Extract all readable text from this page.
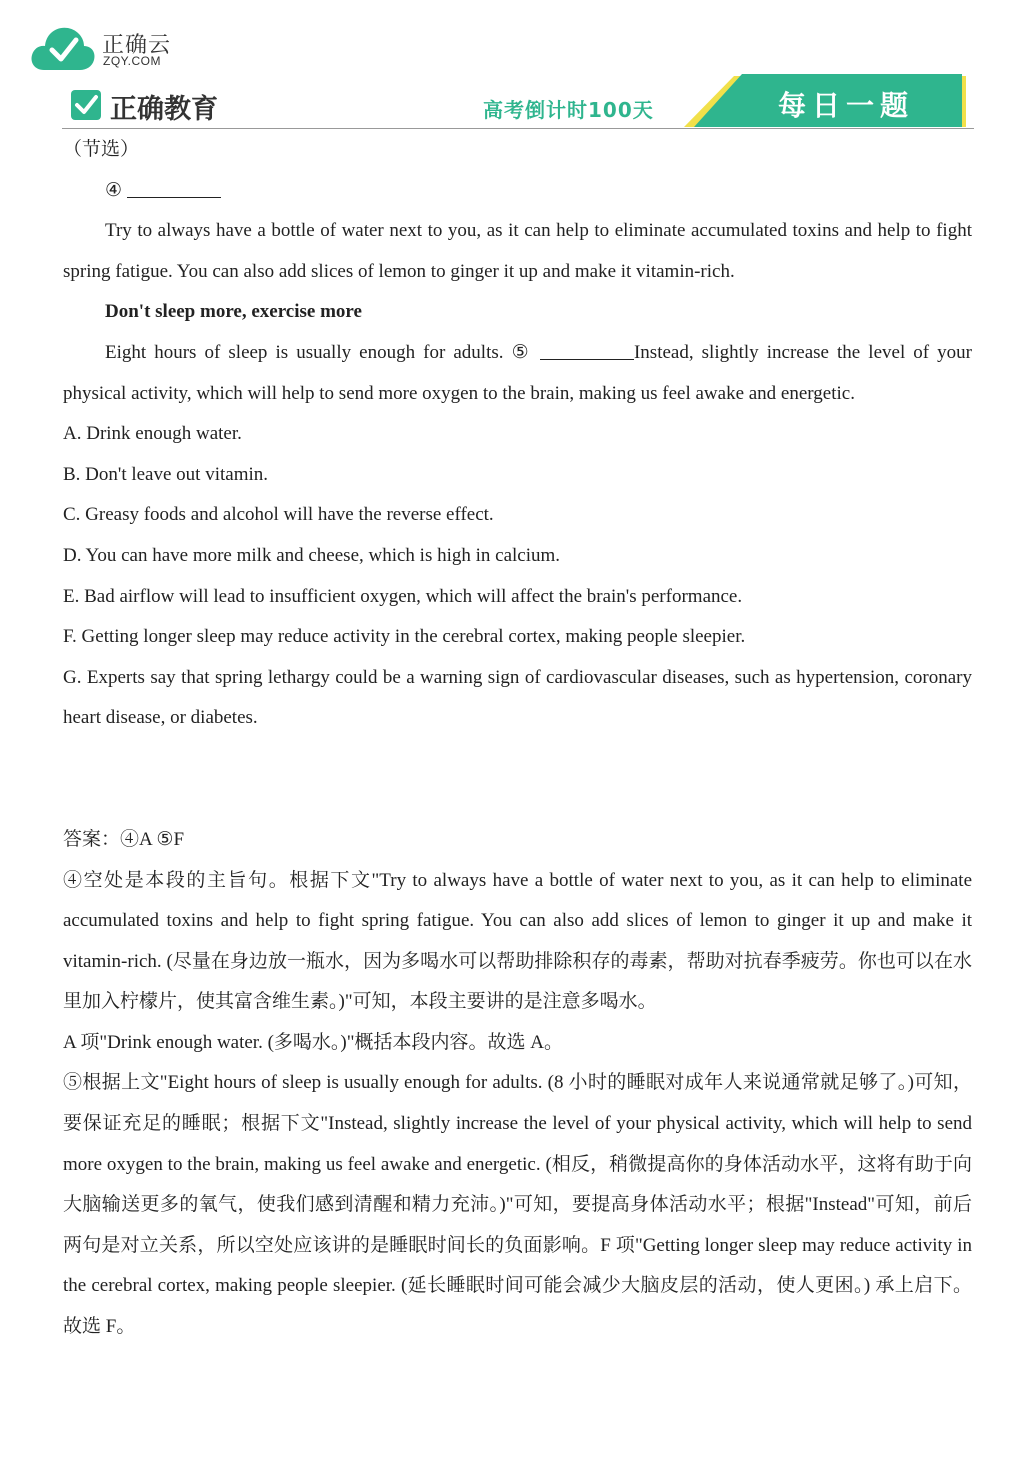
正确云
ZQY.COM
正确教育	高考倒计时100天	每日一题

（节选）

④

Try to always have a bottle of water next to you, as it can help to eliminate accumulated toxins and help to fight spring fatigue. You can also add slices of lemon to ginger it up and make it vitamin-rich.

Don't sleep more, exercise more

Eight hours of sleep is usually enough for adults. ⑤	Instead, slightly increase the level of your physical activity, which will help to send more oxygen to the brain, making us feel awake and energetic.

A. Drink enough water.

B. Don't leave out vitamin.

C. Greasy foods and alcohol will have the reverse effect.

D. You can have more milk and cheese, which is high in calcium.

E. Bad airflow will lead to insufficient oxygen, which will affect the brain's performance.

F. Getting longer sleep may reduce activity in the cerebral cortex, making people sleepier.

G. Experts say that spring lethargy could be a warning sign of cardiovascular diseases, such as hypertension, coronary heart disease, or diabetes.

答案：④A ⑤F

④空处是本段的主旨句。根据下文"Try to always have a bottle of water next to you, as it can help to eliminate accumulated toxins and help to fight spring fatigue. You can also add slices of lemon to ginger it up and make it vitamin-rich. (尽量在身边放一瓶水，因为多喝水可以帮助排除积存的毒素，帮助对抗春季疲劳。你也可以在水里加入柠檬片，使其富含维生素。)"可知，本段主要讲的是注意多喝水。

A 项"Drink enough water. (多喝水。)"概括本段内容。故选 A。

⑤根据上文"Eight hours of sleep is usually enough for adults. (8 小时的睡眠对成年人来说通常就足够了。)可知，要保证充足的睡眠；根据下文"Instead, slightly increase the level of your physical activity, which will help to send more oxygen to the brain, making us feel awake and energetic. (相反，稍微提高你的身体活动水平，这将有助于向大脑输送更多的氧气，使我们感到清醒和精力充沛。)"可知，要提高身体活动水平；根据"Instead"可知，前后两句是对立关系，所以空处应该讲的是睡眠时间长的负面影响。F 项"Getting longer sleep may reduce activity in the cerebral cortex, making people sleepier. (延长睡眠时间可能会减少大脑皮层的活动，使人更困。) 承上启下。故选 F。
